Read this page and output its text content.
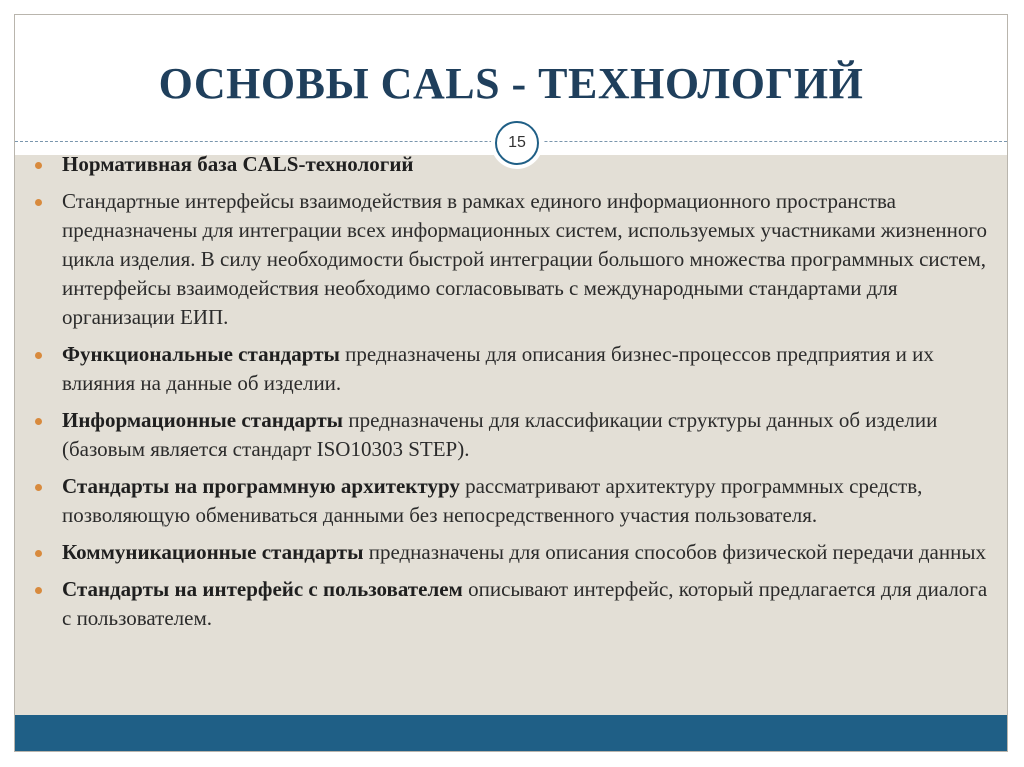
ОСНОВЫ CALS - ТЕХНОЛОГИЙ
15
Нормативная база CALS-технологий
Стандартные интерфейсы взаимодействия в рамках единого информационного пространства предназначены для интеграции всех информационных систем, используемых участниками жизненного цикла изделия. В силу необходимости быстрой интеграции большого множества программных систем, интерфейсы взаимодействия необходимо согласовывать с международными стандартами для организации ЕИП.
Функциональные стандарты предназначены для описания бизнес-процессов предприятия и их влияния на данные об изделии.
Информационные стандарты предназначены для классификации структуры данных об изделии (базовым является стандарт ISO10303 STEP).
Стандарты на программную архитектуру рассматривают архитектуру программных средств, позволяющую обмениваться данными без непосредственного участия пользователя.
Коммуникационные стандарты предназначены для описания способов физической передачи данных
Стандарты на интерфейс с пользователем описывают интерфейс, который предлагается для диалога с пользователем.
